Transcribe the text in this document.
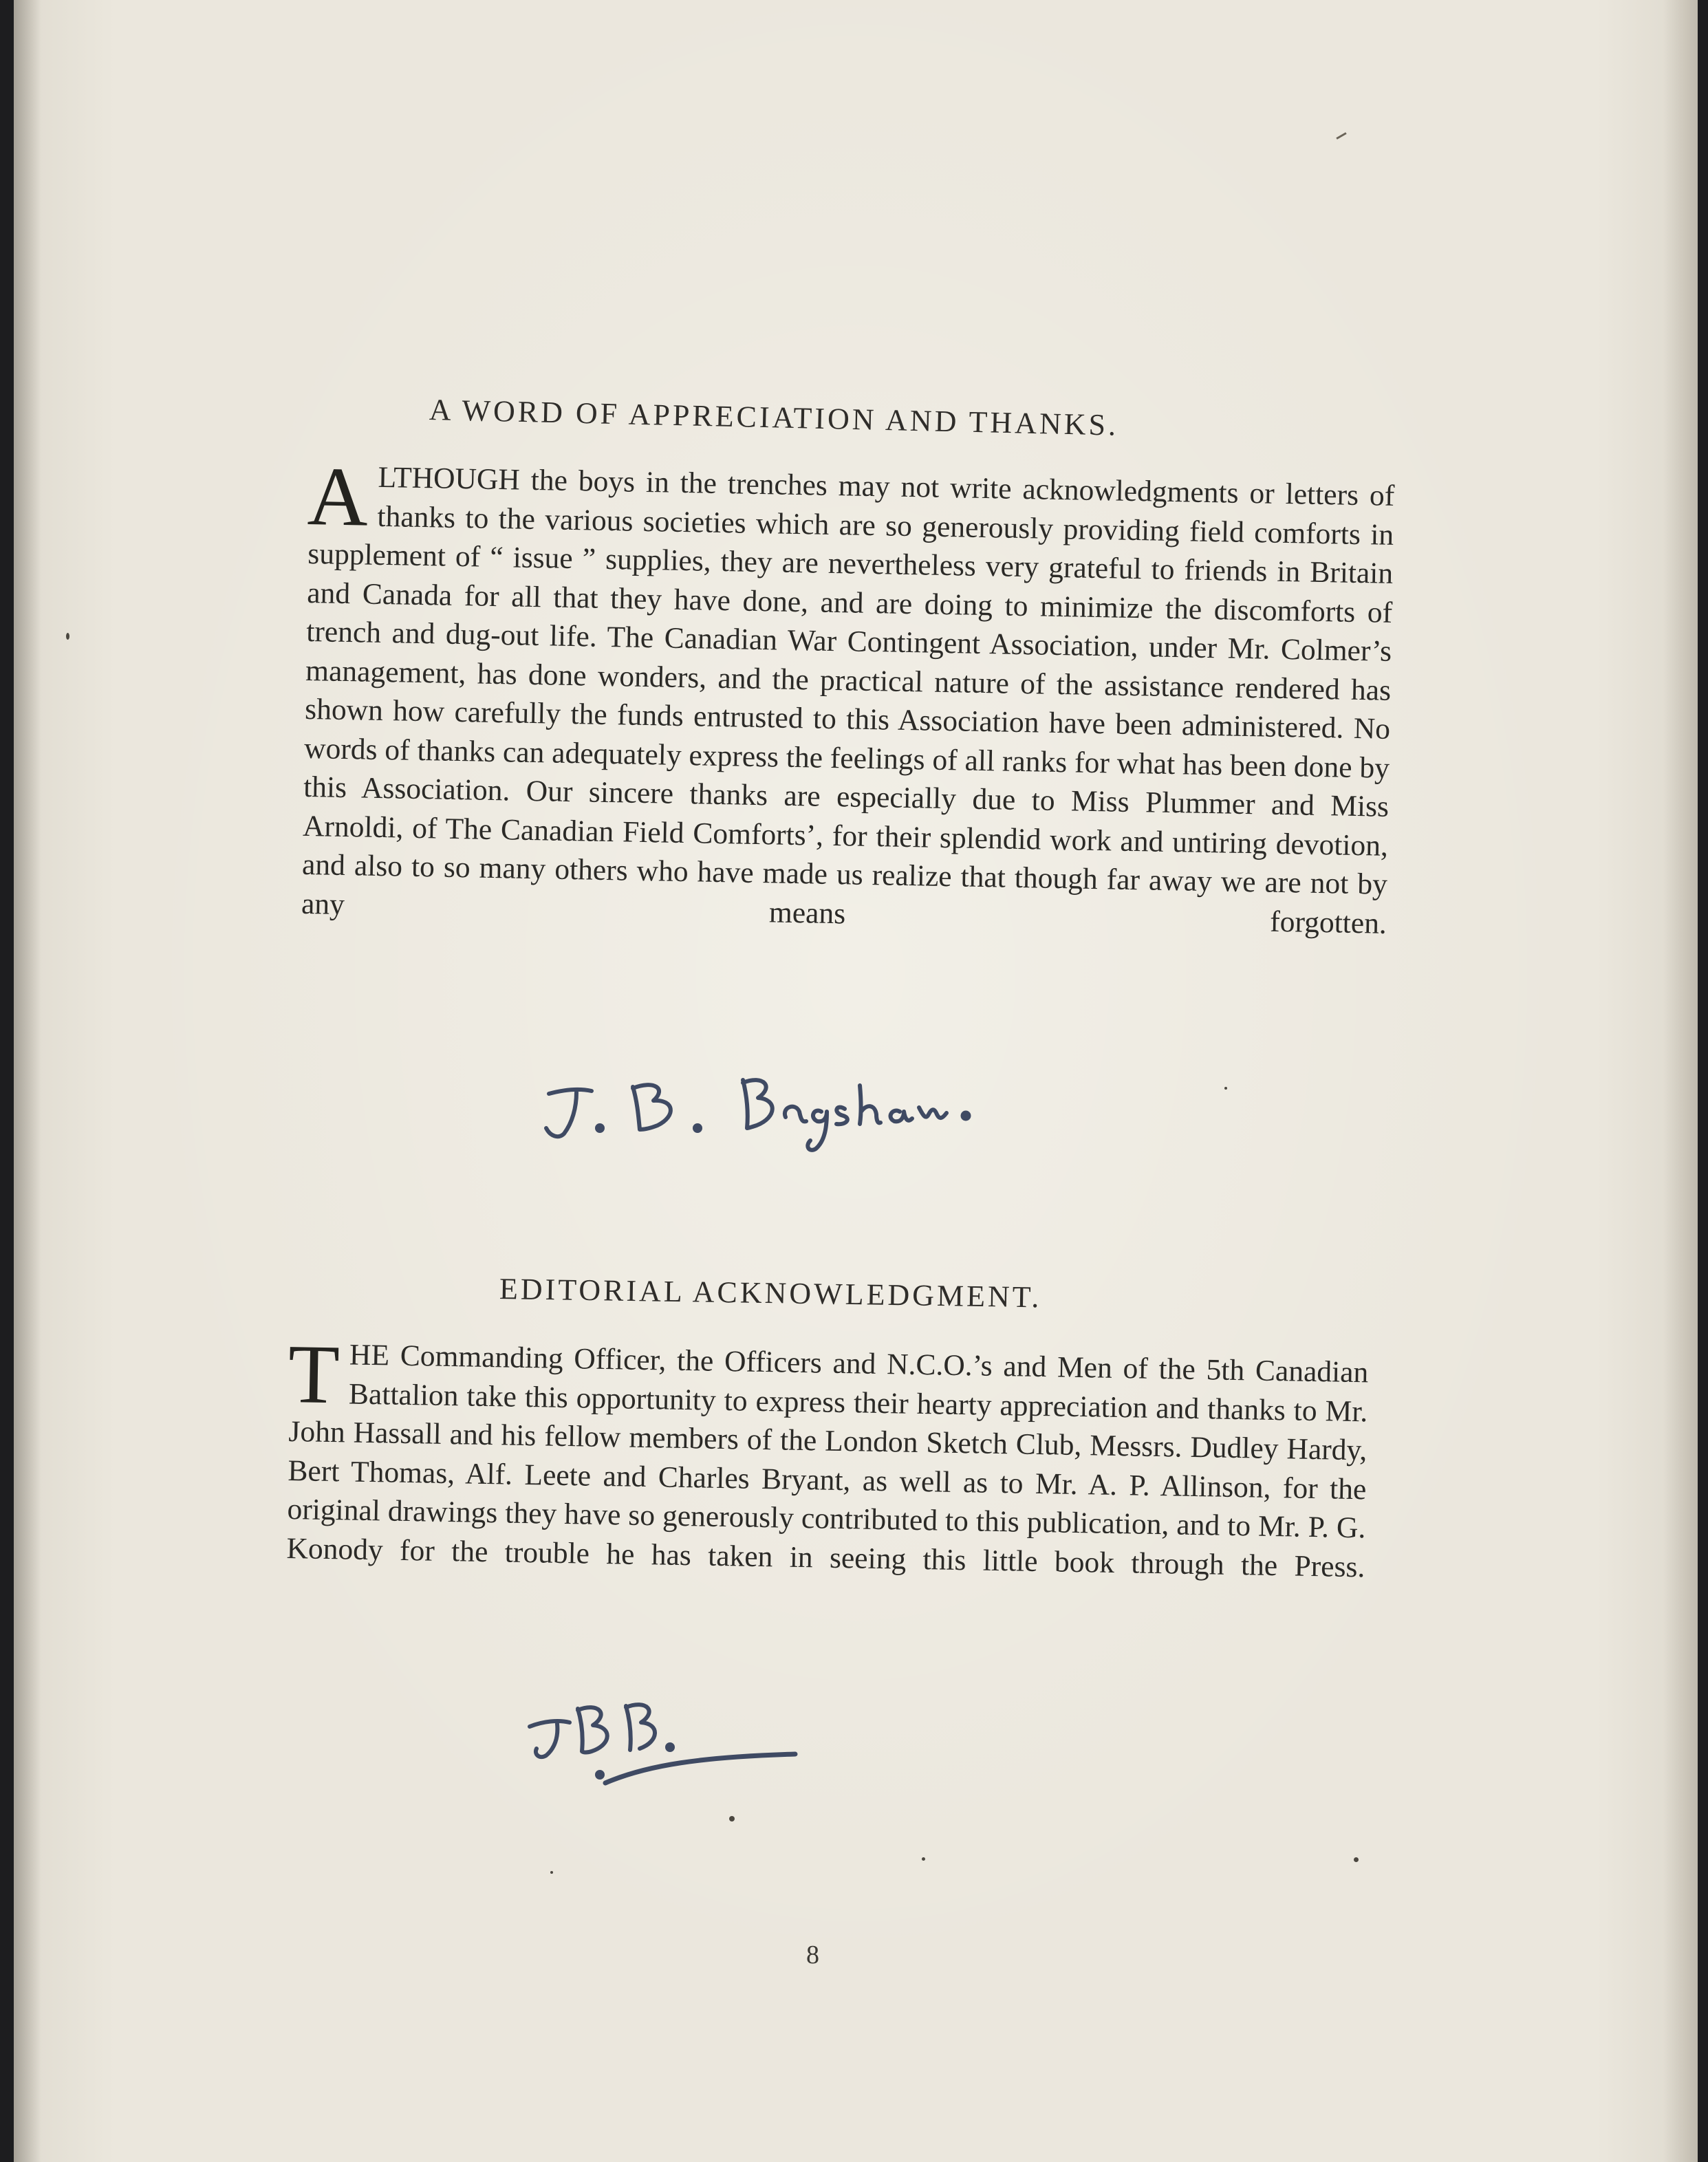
A WORD OF APPRECIATION AND THANKS.
ALTHOUGH the boys in the trenches may not write acknowledgments or letters of thanks to the various societies which are so generously providing field comforts in supplement of “ issue ” supplies, they are nevertheless very grateful to friends in Britain and Canada for all that they have done, and are doing to minimize the discomforts of trench and dug-out life. The Canadian War Contingent Association, under Mr. Colmer’s management, has done wonders, and the practical nature of the assistance rendered has shown how carefully the funds entrusted to this Association have been administered. No words of thanks can adequately express the feelings of all ranks for what has been done by this Association. Our sincere thanks are especially due to Miss Plummer and Miss Arnoldi, of The Canadian Field Comforts’, for their splendid work and untiring devotion, and also to so many others who have made us realize that though far away we are not by any means forgotten.
EDITORIAL ACKNOWLEDGMENT.
THE Commanding Officer, the Officers and N.C.O.’s and Men of the 5th Canadian Battalion take this opportunity to express their hearty appreciation and thanks to Mr. John Hassall and his fellow members of the London Sketch Club, Messrs. Dudley Hardy, Bert Thomas, Alf. Leete and Charles Bryant, as well as to Mr. A. P. Allinson, for the original drawings they have so generously contributed to this publication, and to Mr. P. G. Konody for the trouble he has taken in seeing this little book through the Press.
8
